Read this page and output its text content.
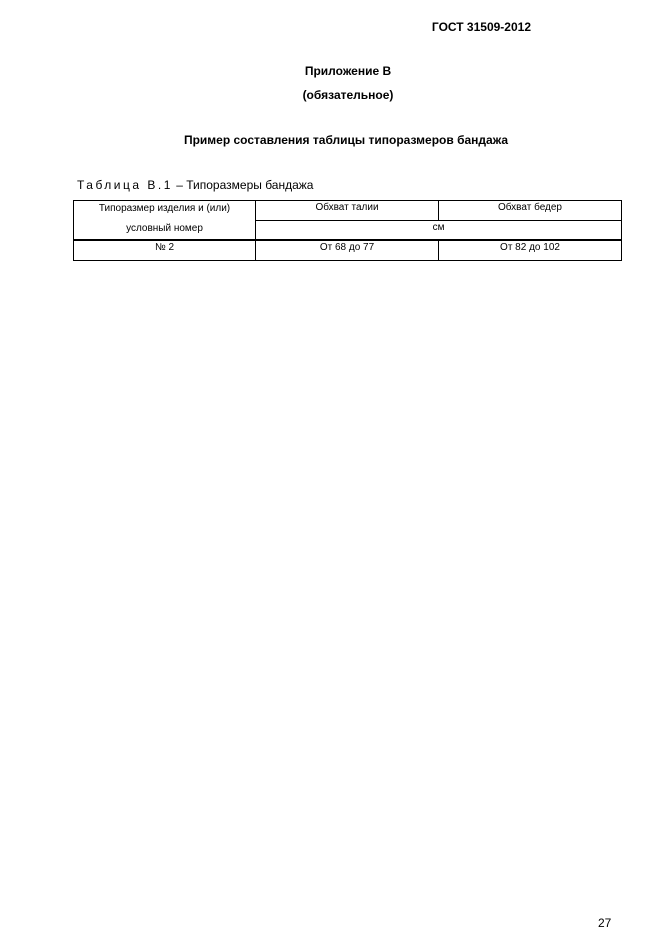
ГОСТ 31509-2012
Приложение В
(обязательное)
Пример составления таблицы типоразмеров бандажа
Таблица В.1 – Типоразмеры бандажа
Типоразмер изделия и (или)
условный номер	Обхват талии	Обхват бедер
	см	
№ 2	От 68 до 77	От 82 до 102
27
